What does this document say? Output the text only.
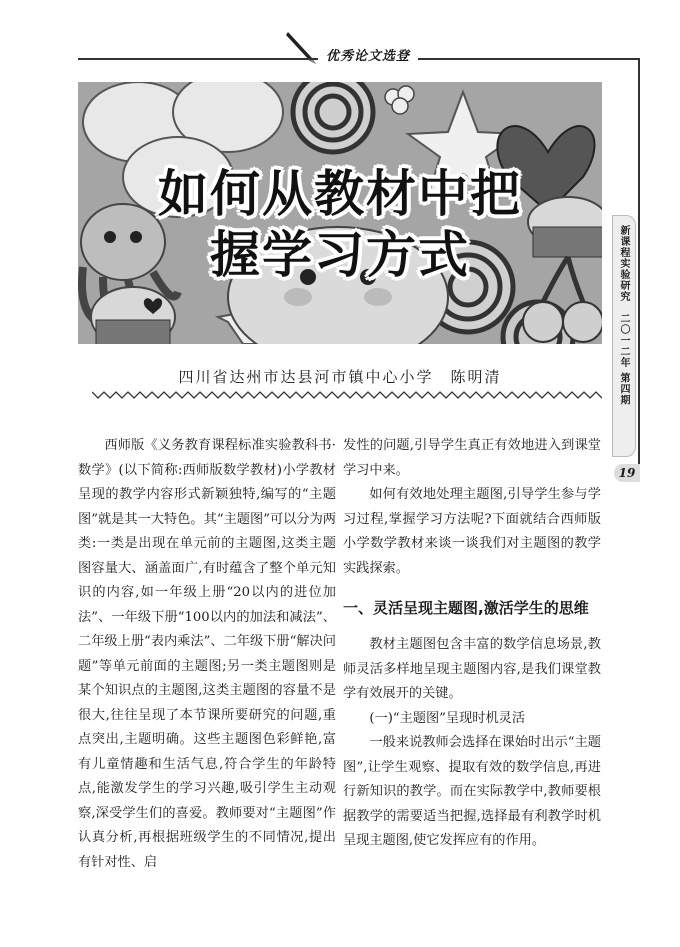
优秀论文选登
新课程实验研究　二〇一二年 第四期
19
如何从教材中把
握学习方式
四川省达州市达县河市镇中心小学　陈明清

西师版《义务教育课程标准实验教科书·数学》(以下简称:西师版数学教材)小学教材呈现的教学内容形式新颖独特,编写的“主题图”就是其一大特色。其“主题图”可以分为两类:一类是出现在单元前的主题图,这类主题图容量大、涵盖面广,有时蕴含了整个单元知识的内容,如一年级上册“20以内的进位加法”、一年级下册“100以内的加法和减法”、二年级上册“表内乘法”、二年级下册“解决问题”等单元前面的主题图;另一类主题图则是某个知识点的主题图,这类主题图的容量不是很大,往往呈现了本节课所要研究的问题,重点突出,主题明确。这些主题图色彩鲜艳,富有儿童情趣和生活气息,符合学生的年龄特点,能激发学生的学习兴趣,吸引学生主动观察,深受学生们的喜爱。教师要对“主题图”作认真分析,再根据班级学生的不同情况,提出有针对性、启

发性的问题,引导学生真正有效地进入到课堂学习中来。

如何有效地处理主题图,引导学生参与学习过程,掌握学习方法呢?下面就结合西师版小学数学教材来谈一谈我们对主题图的教学实践探索。

一、灵活呈现主题图,激活学生的思维

教材主题图包含丰富的数学信息场景,教师灵活多样地呈现主题图内容,是我们课堂教学有效展开的关键。

(一)“主题图”呈现时机灵活

一般来说教师会选择在课始时出示“主题图”,让学生观察、提取有效的数学信息,再进行新知识的教学。而在实际教学中,教师要根据教学的需要适当把握,选择最有利教学时机呈现主题图,使它发挥应有的作用。
